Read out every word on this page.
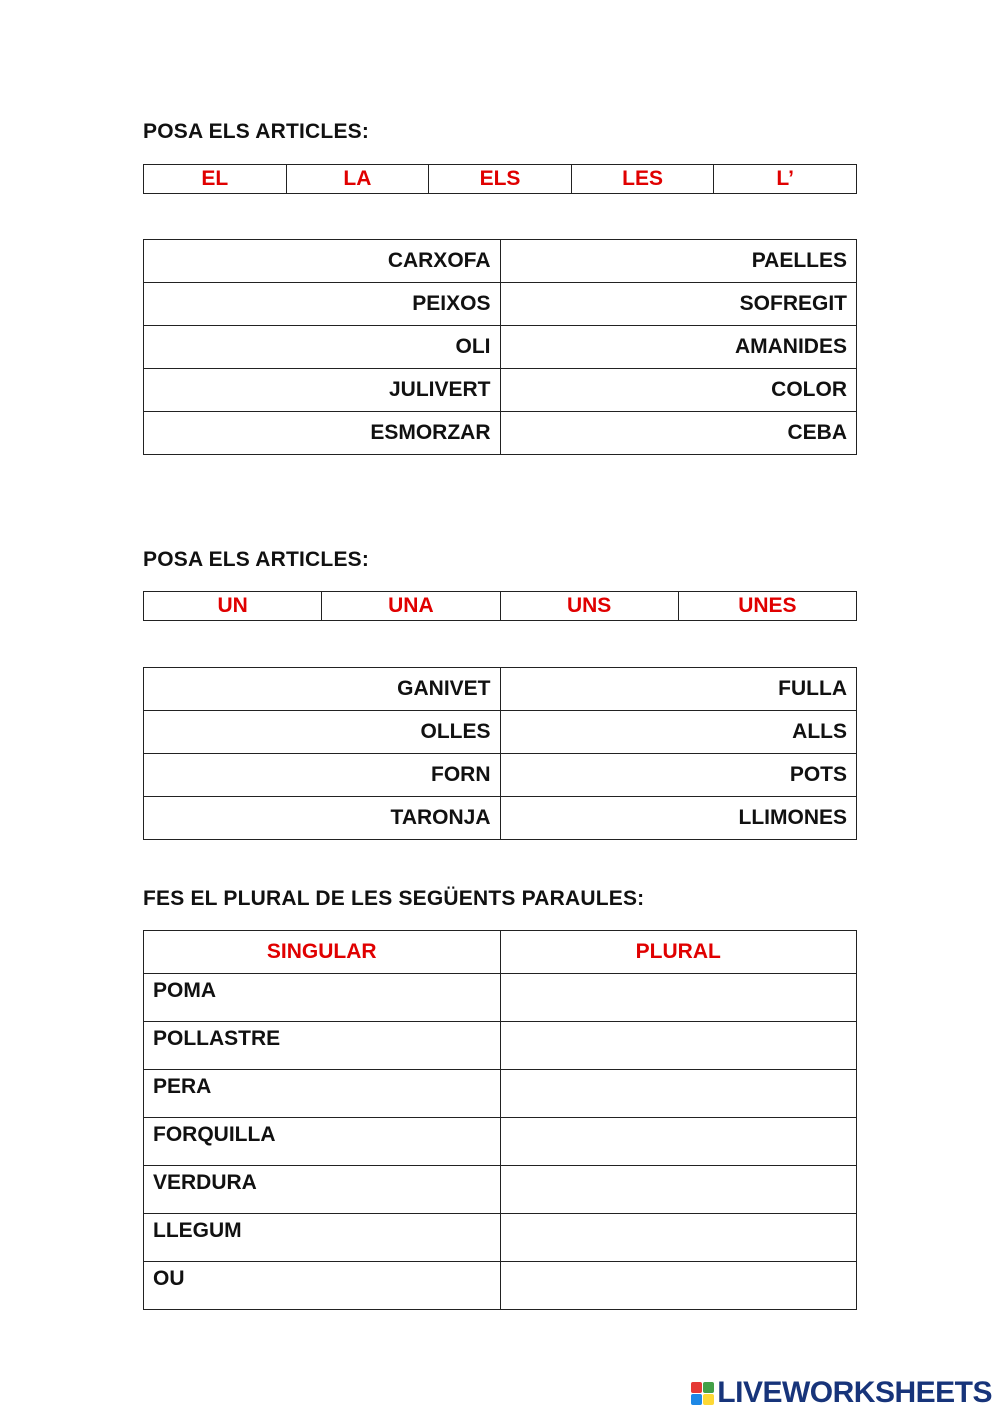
POSA ELS ARTICLES:
EL	LA	ELS	LES	L’
CARXOFA	PAELLES
PEIXOS	SOFREGIT
OLI	AMANIDES
JULIVERT	COLOR
ESMORZAR	CEBA
POSA ELS ARTICLES:
UN	UNA	UNS	UNES
GANIVET	FULLA
OLLES	ALLS
FORN	POTS
TARONJA	LLIMONES
FES EL PLURAL DE LES SEGÜENTS PARAULES:
SINGULAR	PLURAL
POMA	
POLLASTRE	
PERA	
FORQUILLA	
VERDURA	
LLEGUM	
OU	
LIVEWORKSHEETS
